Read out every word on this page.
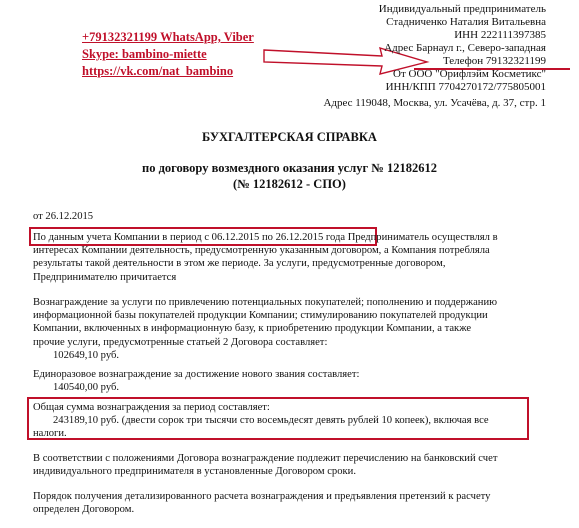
+79132321199 WhatsApp, Viber
Skype: bambino-miette
https://vk.com/nat_bambino
Индивидуальный предприниматель
Стадниченко Наталия Витальевна
ИНН 222111397385
Адрес Барнаул г., Северо-западная
Телефон 79132321199
От ООО "Орифлэйм Косметикс"
ИНН/КПП 7704270172/775805001
Адрес 119048, Москва, ул. Усачёва, д. 37, стр. 1
БУХГАЛТЕРСКАЯ СПРАВКА
по договору возмездного оказания услуг № 12182612
(№ 12182612 - СПО)
от 26.12.2015
По данным учета Компании в период с 06.12.2015 по 26.12.2015 года Предприниматель осуществлял в
интересах Компании деятельность, предусмотренную указанным договором, а Компания потребляла
результаты такой деятельности в этом же периоде. За услуги, предусмотренные договором,
Предпринимателю причитается
Вознаграждение за услуги по привлечению потенциальных покупателей; пополнению и поддержанию
информационной базы покупателей продукции Компании; стимулированию покупателей продукции
Компании, включенных в информационную базу, к приобретению продукции Компании, а также
прочие услуги, предусмотренные статьей 2 Договора составляет:
102649,10 руб.
Единоразовое вознаграждение за достижение нового звания составляет:
140540,00 руб.
Общая сумма вознаграждения за период составляет:
243189,10 руб. (двести сорок три тысячи сто восемьдесят девять рублей 10 копеек), включая все
налоги.
В соответствии с положениями Договора вознаграждение подлежит перечислению на банковский счет
индивидуального предпринимателя в установленные Договором сроки.
Порядок получения детализированного расчета вознаграждения и предъявления претензий к расчету
определен Договором.
